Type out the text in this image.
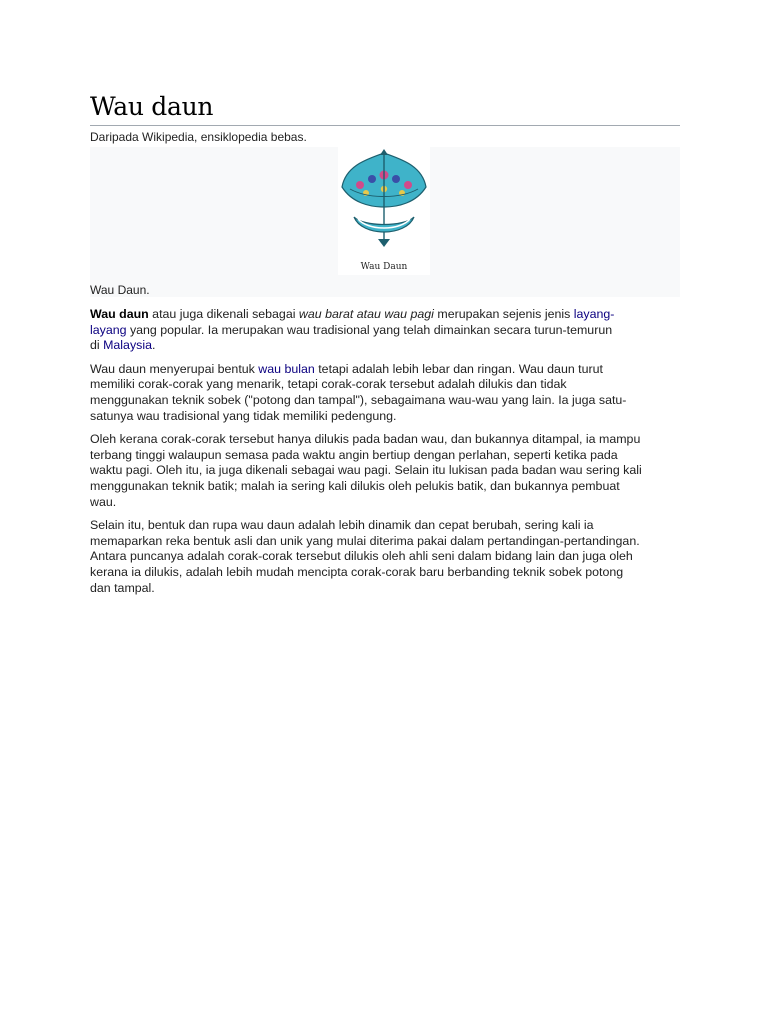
Wau daun
Daripada Wikipedia, ensiklopedia bebas.
Wau Daun
Wau Daun.

Wau daun atau juga dikenali sebagai wau barat atau wau pagi merupakan sejenis jenis layang-
layang yang popular. Ia merupakan wau tradisional yang telah dimainkan secara turun-temurun
di Malaysia.

Wau daun menyerupai bentuk wau bulan tetapi adalah lebih lebar dan ringan. Wau daun turut
memiliki corak-corak yang menarik, tetapi corak-corak tersebut adalah dilukis dan tidak
menggunakan teknik sobek ("potong dan tampal"), sebagaimana wau-wau yang lain. Ia juga satu-
satunya wau tradisional yang tidak memiliki pedengung.

Oleh kerana corak-corak tersebut hanya dilukis pada badan wau, dan bukannya ditampal, ia mampu
terbang tinggi walaupun semasa pada waktu angin bertiup dengan perlahan, seperti ketika pada
waktu pagi. Oleh itu, ia juga dikenali sebagai wau pagi. Selain itu lukisan pada badan wau sering kali
menggunakan teknik batik; malah ia sering kali dilukis oleh pelukis batik, dan bukannya pembuat
wau.

Selain itu, bentuk dan rupa wau daun adalah lebih dinamik dan cepat berubah, sering kali ia
memaparkan reka bentuk asli dan unik yang mulai diterima pakai dalam pertandingan-pertandingan.
Antara puncanya adalah corak-corak tersebut dilukis oleh ahli seni dalam bidang lain dan juga oleh
kerana ia dilukis, adalah lebih mudah mencipta corak-corak baru berbanding teknik sobek potong
dan tampal.
